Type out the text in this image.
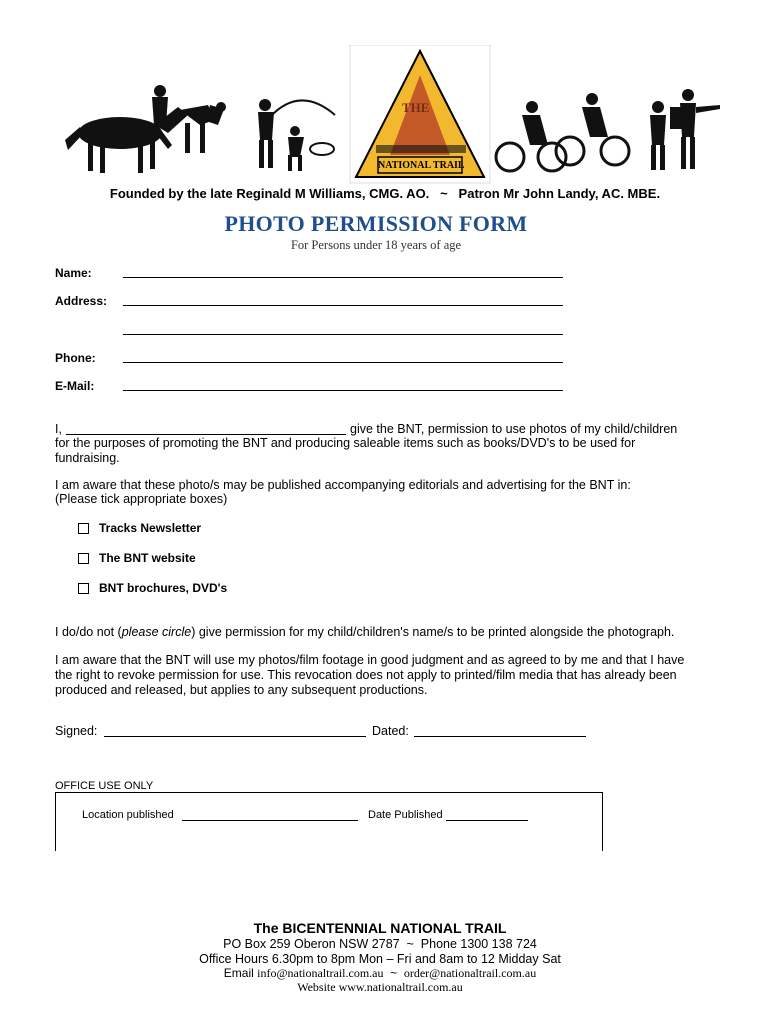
THE
NATIONAL TRAIL
Founded by the late Reginald M Williams, CMG. AO.   ~   Patron Mr John Landy, AC. MBE.
PHOTO PERMISSION FORM
For Persons under 18 years of age
Name:
Address:
Phone:
E-Mail:
I,	give the BNT, permission to use photos of my child/children
for the purposes of promoting the BNT and producing saleable items such as books/DVD's to be used for fundraising.
I am aware that these photo/s may be published accompanying editorials and advertising for the BNT in:
(Please tick appropriate boxes)
Tracks Newsletter
The BNT website
BNT brochures, DVD's
I do/do not (please circle) give permission for my child/children's name/s to be printed alongside the photograph.
I am aware that the BNT will use my photos/film footage in good judgment and as agreed to by me and that I have the right to revoke permission for use. This revocation does not apply to printed/film media that has already been produced and released, but applies to any subsequent productions.
Signed:	Dated:
OFFICE USE ONLY
Location published	Date Published
The BICENTENNIAL NATIONAL TRAIL
PO Box 259 Oberon NSW 2787  ~  Phone 1300 138 724
Office Hours 6.30pm to 8pm Mon – Fri and 8am to 12 Midday Sat
Email info@nationaltrail.com.au ~ order@nationaltrail.com.au
Website www.nationaltrail.com.au
